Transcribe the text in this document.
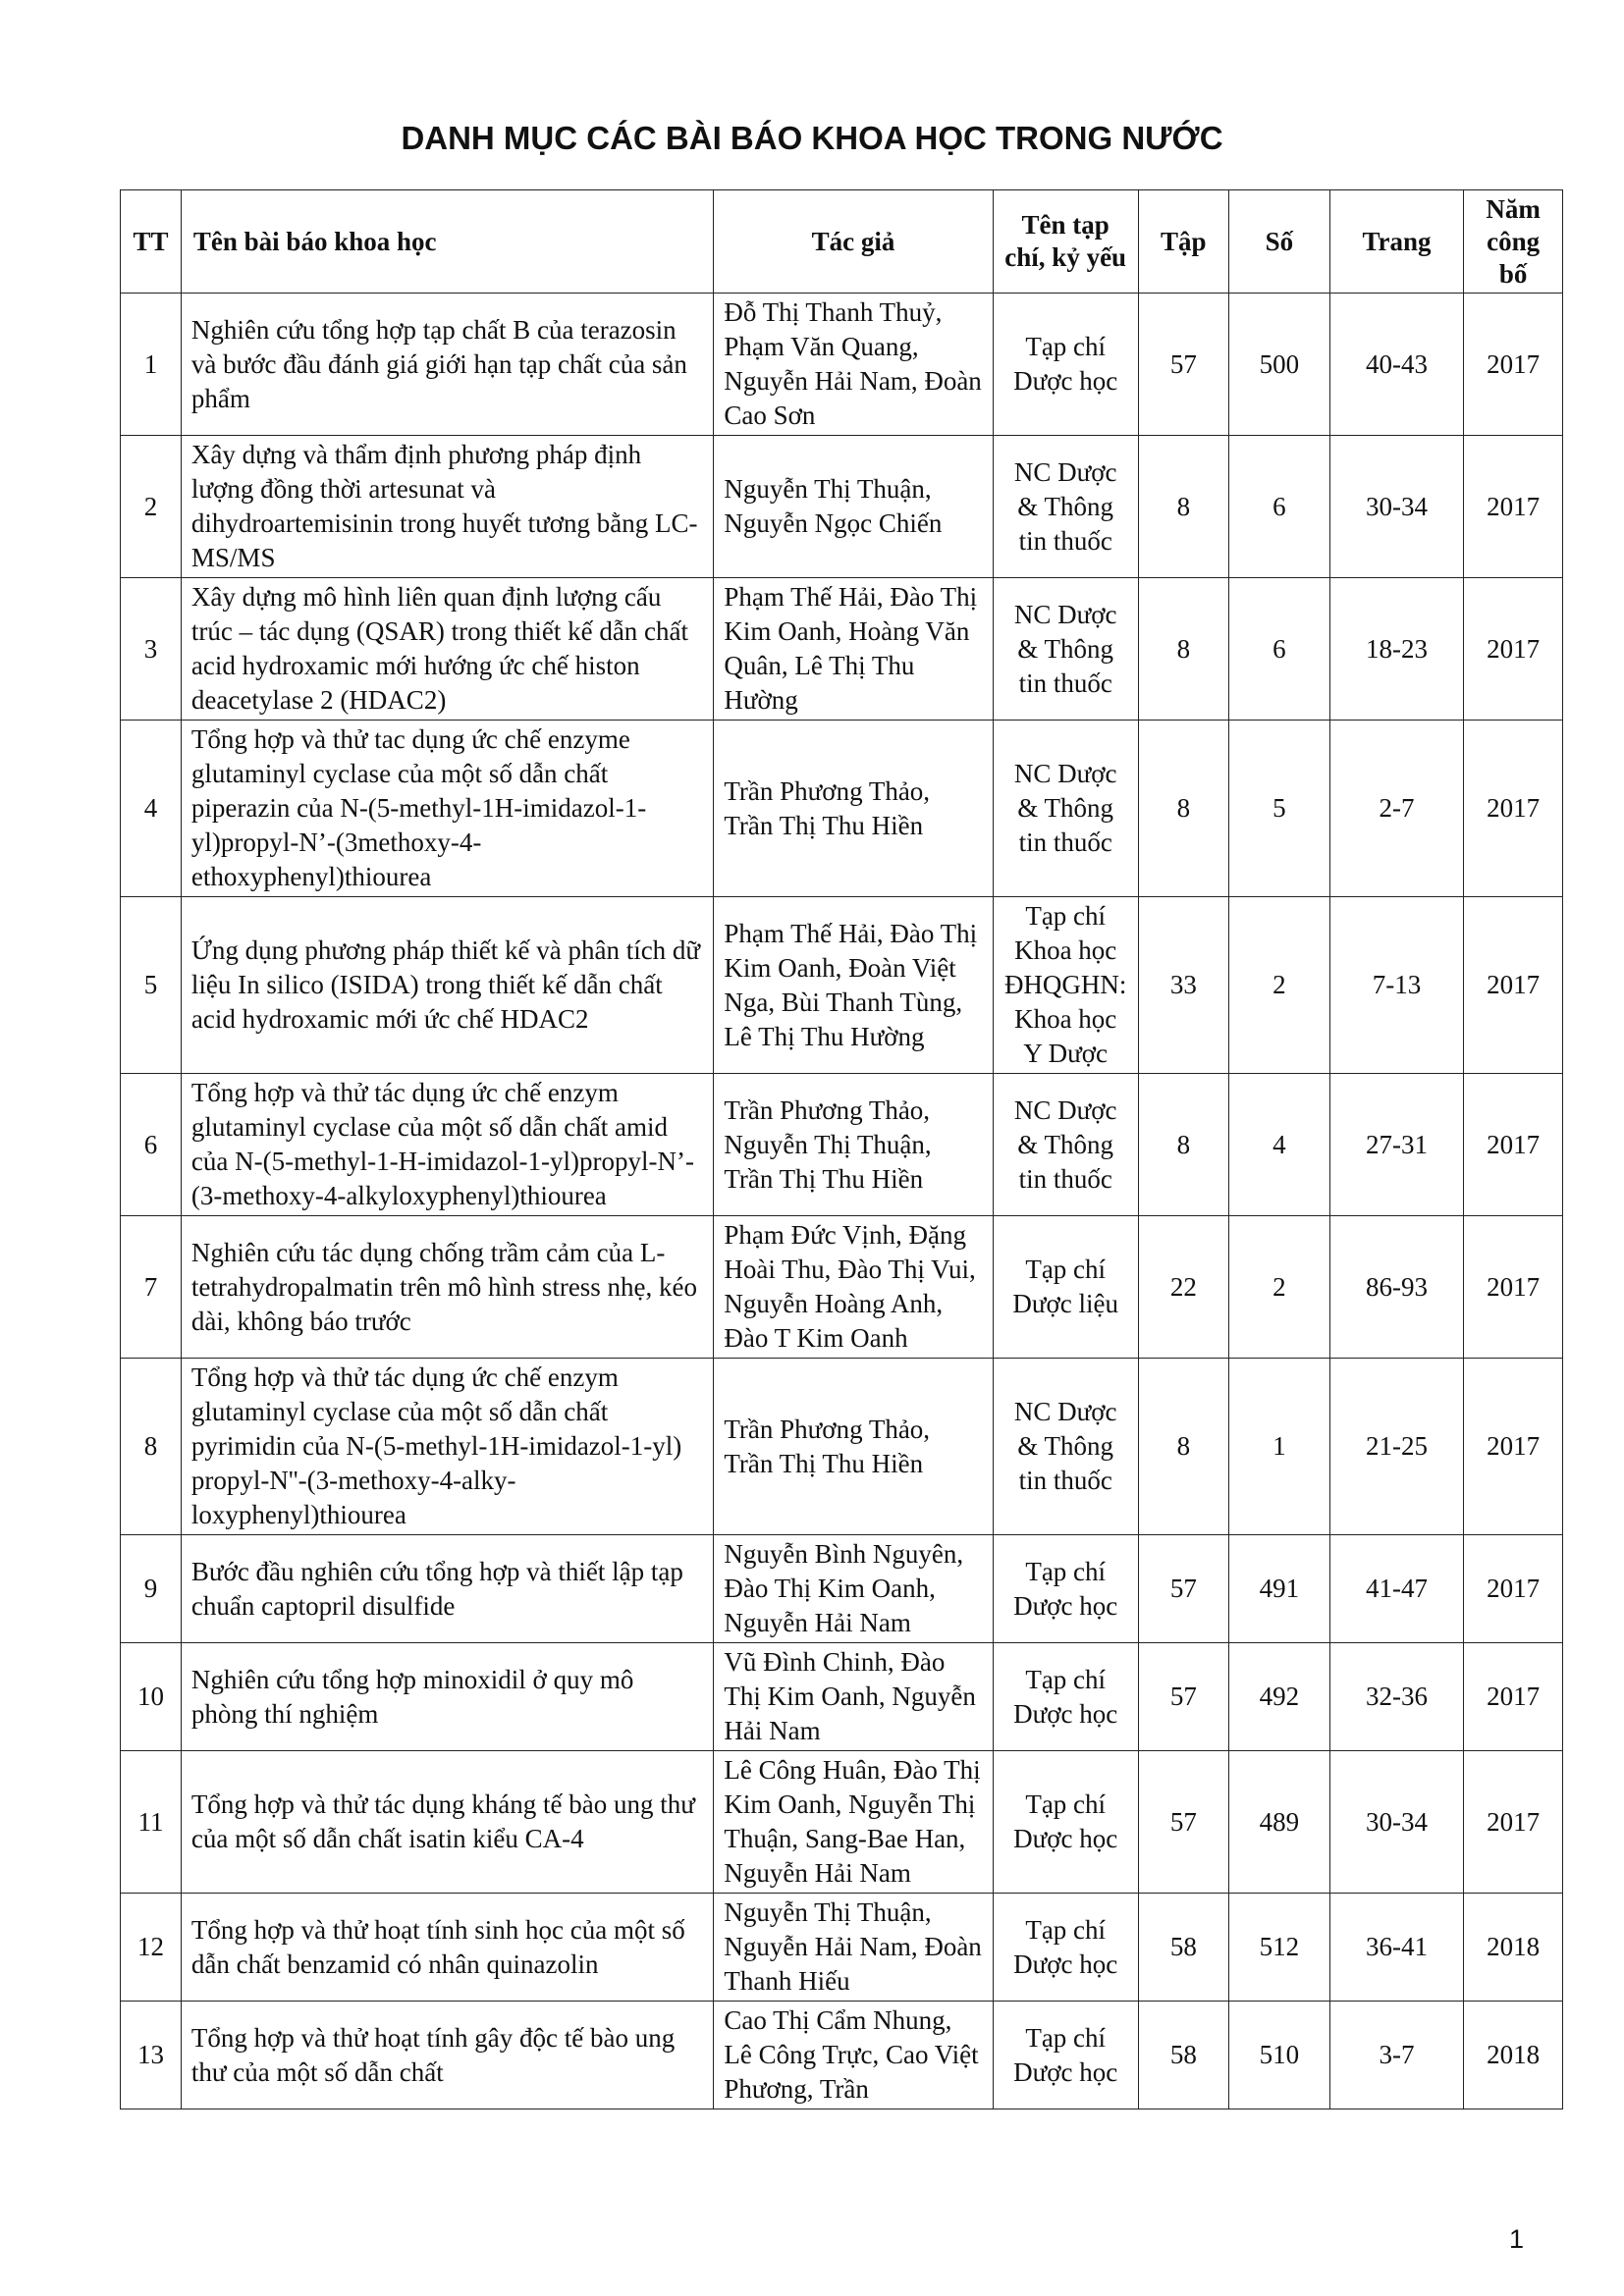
DANH MỤC CÁC BÀI BÁO KHOA HỌC TRONG NƯỚC
TT	Tên bài báo khoa học	Tác giả	Tên tạp chí, kỷ yếu	Tập	Số	Trang	Năm công bố
1	Nghiên cứu tổng hợp tạp chất B của terazosin và bước đầu đánh giá giới hạn tạp chất của sản phẩm	Đỗ Thị Thanh Thuỷ, Phạm Văn Quang, Nguyễn Hải Nam, Đoàn Cao Sơn	Tạp chí Dược học	57	500	40-43	2017
2	Xây dựng và thẩm định phương pháp định lượng đồng thời artesunat và dihydroartemisinin trong huyết tương bằng LC-MS/MS	Nguyễn Thị Thuận, Nguyễn Ngọc Chiến	NC Dược & Thông tin thuốc	8	6	30-34	2017
3	Xây dựng mô hình liên quan định lượng cấu trúc – tác dụng (QSAR) trong thiết kế dẫn chất acid hydroxamic mới hướng ức chế histon deacetylase 2 (HDAC2)	Phạm Thế Hải, Đào Thị Kim Oanh, Hoàng Văn Quân, Lê Thị Thu Hường	NC Dược & Thông tin thuốc	8	6	18-23	2017
4	Tổng hợp và thử tac dụng ức chế enzyme glutaminyl cyclase của một số dẫn chất piperazin của N-(5-methyl-1H-imidazol-1-yl)propyl-N’-(3methoxy-4-ethoxyphenyl)thiourea	Trần Phương Thảo, Trần Thị Thu Hiền	NC Dược & Thông tin thuốc	8	5	2-7	2017
5	Ứng dụng phương pháp thiết kế và phân tích dữ liệu In silico (ISIDA) trong thiết kế dẫn chất acid hydroxamic mới ức chế HDAC2	Phạm Thế Hải, Đào Thị Kim Oanh, Đoàn Việt Nga, Bùi Thanh Tùng, Lê Thị Thu Hường	Tạp chí Khoa học ĐHQGHN: Khoa học Y Dược	33	2	7-13	2017
6	Tổng hợp và thử tác dụng ức chế enzym glutaminyl cyclase của một số dẫn chất amid của N-(5-methyl-1-H-imidazol-1-yl)propyl-N’-(3-methoxy-4-alkyloxyphenyl)thiourea	Trần Phương Thảo, Nguyễn Thị Thuận, Trần Thị Thu Hiền	NC Dược & Thông tin thuốc	8	4	27-31	2017
7	Nghiên cứu tác dụng chống trầm cảm của L-tetrahydropalmatin trên mô hình stress nhẹ, kéo dài, không báo trước	Phạm Đức Vịnh, Đặng Hoài Thu, Đào Thị Vui, Nguyễn Hoàng Anh, Đào T Kim Oanh	Tạp chí Dược liệu	22	2	86-93	2017
8	Tổng hợp và thử tác dụng ức chế enzym glutaminyl cyclase của một số dẫn chất pyrimidin của N-(5-methyl-1H-imidazol-1-yl) propyl-N''-(3-methoxy-4-alky-loxyphenyl)thiourea	Trần Phương Thảo, Trần Thị Thu Hiền	NC Dược & Thông tin thuốc	8	1	21-25	2017
9	Bước đầu nghiên cứu tổng hợp và thiết lập tạp chuẩn captopril disulfide	Nguyễn Bình Nguyên, Đào Thị Kim Oanh, Nguyễn Hải Nam	Tạp chí Dược học	57	491	41-47	2017
10	Nghiên cứu tổng hợp minoxidil ở quy mô phòng thí nghiệm	Vũ Đình Chinh, Đào Thị Kim Oanh, Nguyễn Hải Nam	Tạp chí Dược học	57	492	32-36	2017
11	Tổng hợp và thử tác dụng kháng tế bào ung thư của một số dẫn chất isatin kiểu CA-4	Lê Công Huân, Đào Thị Kim Oanh, Nguyễn Thị Thuận, Sang-Bae Han, Nguyễn Hải Nam	Tạp chí Dược học	57	489	30-34	2017
12	Tổng hợp và thử hoạt tính sinh học của một số dẫn chất benzamid có nhân quinazolin	Nguyễn Thị Thuận, Nguyễn Hải Nam, Đoàn Thanh Hiếu	Tạp chí Dược học	58	512	36-41	2018
13	Tổng hợp và thử hoạt tính gây độc tế bào ung thư của một số dẫn chất	Cao Thị Cẩm Nhung, Lê Công Trực, Cao Việt Phương, Trần	Tạp chí Dược học	58	510	3-7	2018
1
